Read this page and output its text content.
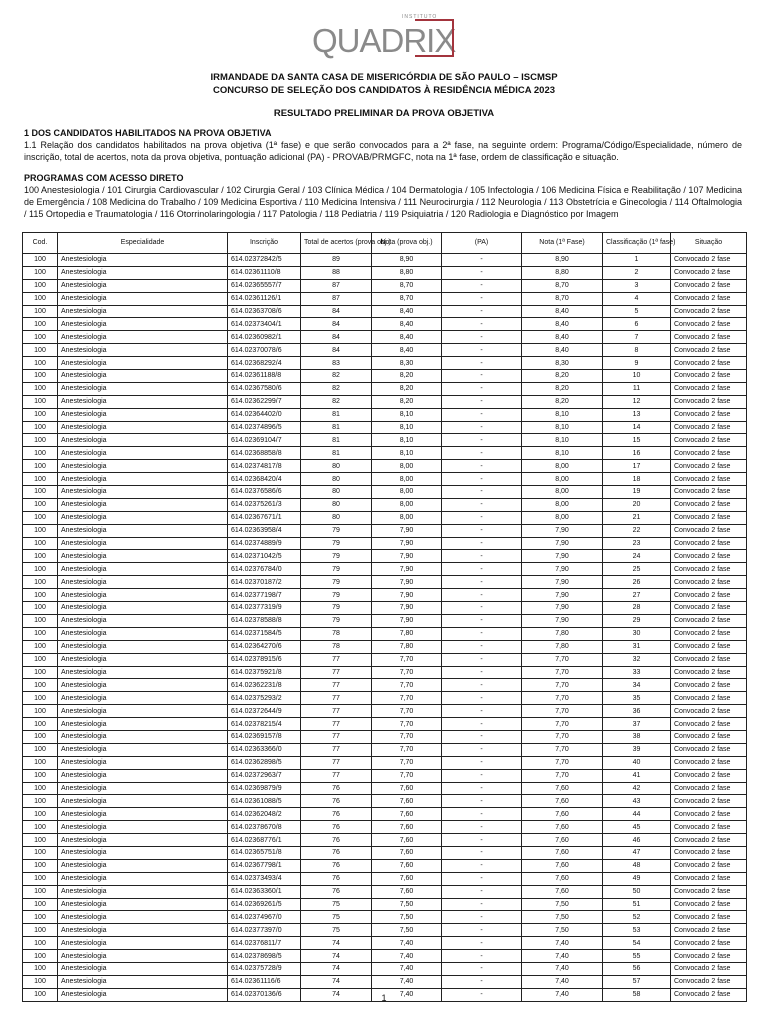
INSTITUTO
QUADRIX
IRMANDADE DA SANTA CASA DE MISERICÓRDIA DE SÃO PAULO – ISCMSP
CONCURSO DE SELEÇÃO DOS CANDIDATOS À RESIDÊNCIA MÉDICA 2023
RESULTADO PRELIMINAR DA PROVA OBJETIVA
1 DOS CANDIDATOS HABILITADOS NA PROVA OBJETIVA
1.1 Relação dos candidatos habilitados na prova objetiva (1ª fase) e que serão convocados para a 2ª fase, na seguinte ordem: Programa/Código/Especialidade, número de inscrição, total de acertos, nota da prova objetiva, pontuação adicional (PA) - PROVAB/PRMGFC, nota na 1ª fase, ordem de classificação e situação.
PROGRAMAS COM ACESSO DIRETO
100 Anestesiologia / 101 Cirurgia Cardiovascular / 102 Cirurgia Geral / 103 Clínica Médica / 104 Dermatologia / 105 Infectologia / 106 Medicina Física e Reabilitação / 107 Medicina de Emergência / 108 Medicina do Trabalho / 109 Medicina Esportiva / 110 Medicina Intensiva / 111 Neurocirurgia / 112 Neurologia / 113 Obstetrícia e Ginecologia / 114 Oftalmologia / 115 Ortopedia e Traumatologia / 116 Otorrinolaringologia / 117 Patologia / 118 Pediatria / 119 Psiquiatria / 120 Radiologia e Diagnóstico por Imagem
Cod.	Especialidade	Inscrição	Total de acertos (prova obj.)	Nota (prova obj.)	(PA)	Nota (1ª Fase)	Classificação (1ª fase)	Situação
100	Anestesiologia	614.02372842/5	89	8,90	-	8,90	1	Convocado 2 fase
100	Anestesiologia	614.02361110/8	88	8,80	-	8,80	2	Convocado 2 fase
100	Anestesiologia	614.02365557/7	87	8,70	-	8,70	3	Convocado 2 fase
100	Anestesiologia	614.02361126/1	87	8,70	-	8,70	4	Convocado 2 fase
100	Anestesiologia	614.02363708/6	84	8,40	-	8,40	5	Convocado 2 fase
100	Anestesiologia	614.02373404/1	84	8,40	-	8,40	6	Convocado 2 fase
100	Anestesiologia	614.02360982/1	84	8,40	-	8,40	7	Convocado 2 fase
100	Anestesiologia	614.02370078/6	84	8,40	-	8,40	8	Convocado 2 fase
100	Anestesiologia	614.02368292/4	83	8,30	-	8,30	9	Convocado 2 fase
100	Anestesiologia	614.02361188/8	82	8,20	-	8,20	10	Convocado 2 fase
100	Anestesiologia	614.02367580/6	82	8,20	-	8,20	11	Convocado 2 fase
100	Anestesiologia	614.02362299/7	82	8,20	-	8,20	12	Convocado 2 fase
100	Anestesiologia	614.02364402/0	81	8,10	-	8,10	13	Convocado 2 fase
100	Anestesiologia	614.02374896/5	81	8,10	-	8,10	14	Convocado 2 fase
100	Anestesiologia	614.02369104/7	81	8,10	-	8,10	15	Convocado 2 fase
100	Anestesiologia	614.02368858/8	81	8,10	-	8,10	16	Convocado 2 fase
100	Anestesiologia	614.02374817/8	80	8,00	-	8,00	17	Convocado 2 fase
100	Anestesiologia	614.02368420/4	80	8,00	-	8,00	18	Convocado 2 fase
100	Anestesiologia	614.02376586/6	80	8,00	-	8,00	19	Convocado 2 fase
100	Anestesiologia	614.02375261/3	80	8,00	-	8,00	20	Convocado 2 fase
100	Anestesiologia	614.02367671/1	80	8,00	-	8,00	21	Convocado 2 fase
100	Anestesiologia	614.02363958/4	79	7,90	-	7,90	22	Convocado 2 fase
100	Anestesiologia	614.02374889/9	79	7,90	-	7,90	23	Convocado 2 fase
100	Anestesiologia	614.02371042/5	79	7,90	-	7,90	24	Convocado 2 fase
100	Anestesiologia	614.02376784/0	79	7,90	-	7,90	25	Convocado 2 fase
100	Anestesiologia	614.02370187/2	79	7,90	-	7,90	26	Convocado 2 fase
100	Anestesiologia	614.02377198/7	79	7,90	-	7,90	27	Convocado 2 fase
100	Anestesiologia	614.02377319/9	79	7,90	-	7,90	28	Convocado 2 fase
100	Anestesiologia	614.02378588/8	79	7,90	-	7,90	29	Convocado 2 fase
100	Anestesiologia	614.02371584/5	78	7,80	-	7,80	30	Convocado 2 fase
100	Anestesiologia	614.02364270/6	78	7,80	-	7,80	31	Convocado 2 fase
100	Anestesiologia	614.02378915/6	77	7,70	-	7,70	32	Convocado 2 fase
100	Anestesiologia	614.02375921/8	77	7,70	-	7,70	33	Convocado 2 fase
100	Anestesiologia	614.02362231/8	77	7,70	-	7,70	34	Convocado 2 fase
100	Anestesiologia	614.02375293/2	77	7,70	-	7,70	35	Convocado 2 fase
100	Anestesiologia	614.02372644/9	77	7,70	-	7,70	36	Convocado 2 fase
100	Anestesiologia	614.02378215/4	77	7,70	-	7,70	37	Convocado 2 fase
100	Anestesiologia	614.02369157/8	77	7,70	-	7,70	38	Convocado 2 fase
100	Anestesiologia	614.02363366/0	77	7,70	-	7,70	39	Convocado 2 fase
100	Anestesiologia	614.02362898/5	77	7,70	-	7,70	40	Convocado 2 fase
100	Anestesiologia	614.02372963/7	77	7,70	-	7,70	41	Convocado 2 fase
100	Anestesiologia	614.02369879/9	76	7,60	-	7,60	42	Convocado 2 fase
100	Anestesiologia	614.02361088/5	76	7,60	-	7,60	43	Convocado 2 fase
100	Anestesiologia	614.02362048/2	76	7,60	-	7,60	44	Convocado 2 fase
100	Anestesiologia	614.02378670/8	76	7,60	-	7,60	45	Convocado 2 fase
100	Anestesiologia	614.02368776/1	76	7,60	-	7,60	46	Convocado 2 fase
100	Anestesiologia	614.02365751/8	76	7,60	-	7,60	47	Convocado 2 fase
100	Anestesiologia	614.02367798/1	76	7,60	-	7,60	48	Convocado 2 fase
100	Anestesiologia	614.02373493/4	76	7,60	-	7,60	49	Convocado 2 fase
100	Anestesiologia	614.02363360/1	76	7,60	-	7,60	50	Convocado 2 fase
100	Anestesiologia	614.02369261/5	75	7,50	-	7,50	51	Convocado 2 fase
100	Anestesiologia	614.02374967/0	75	7,50	-	7,50	52	Convocado 2 fase
100	Anestesiologia	614.02377397/0	75	7,50	-	7,50	53	Convocado 2 fase
100	Anestesiologia	614.02376811/7	74	7,40	-	7,40	54	Convocado 2 fase
100	Anestesiologia	614.02378698/5	74	7,40	-	7,40	55	Convocado 2 fase
100	Anestesiologia	614.02375728/9	74	7,40	-	7,40	56	Convocado 2 fase
100	Anestesiologia	614.02361116/6	74	7,40	-	7,40	57	Convocado 2 fase
100	Anestesiologia	614.02370136/6	74	7,40	-	7,40	58	Convocado 2 fase
1
